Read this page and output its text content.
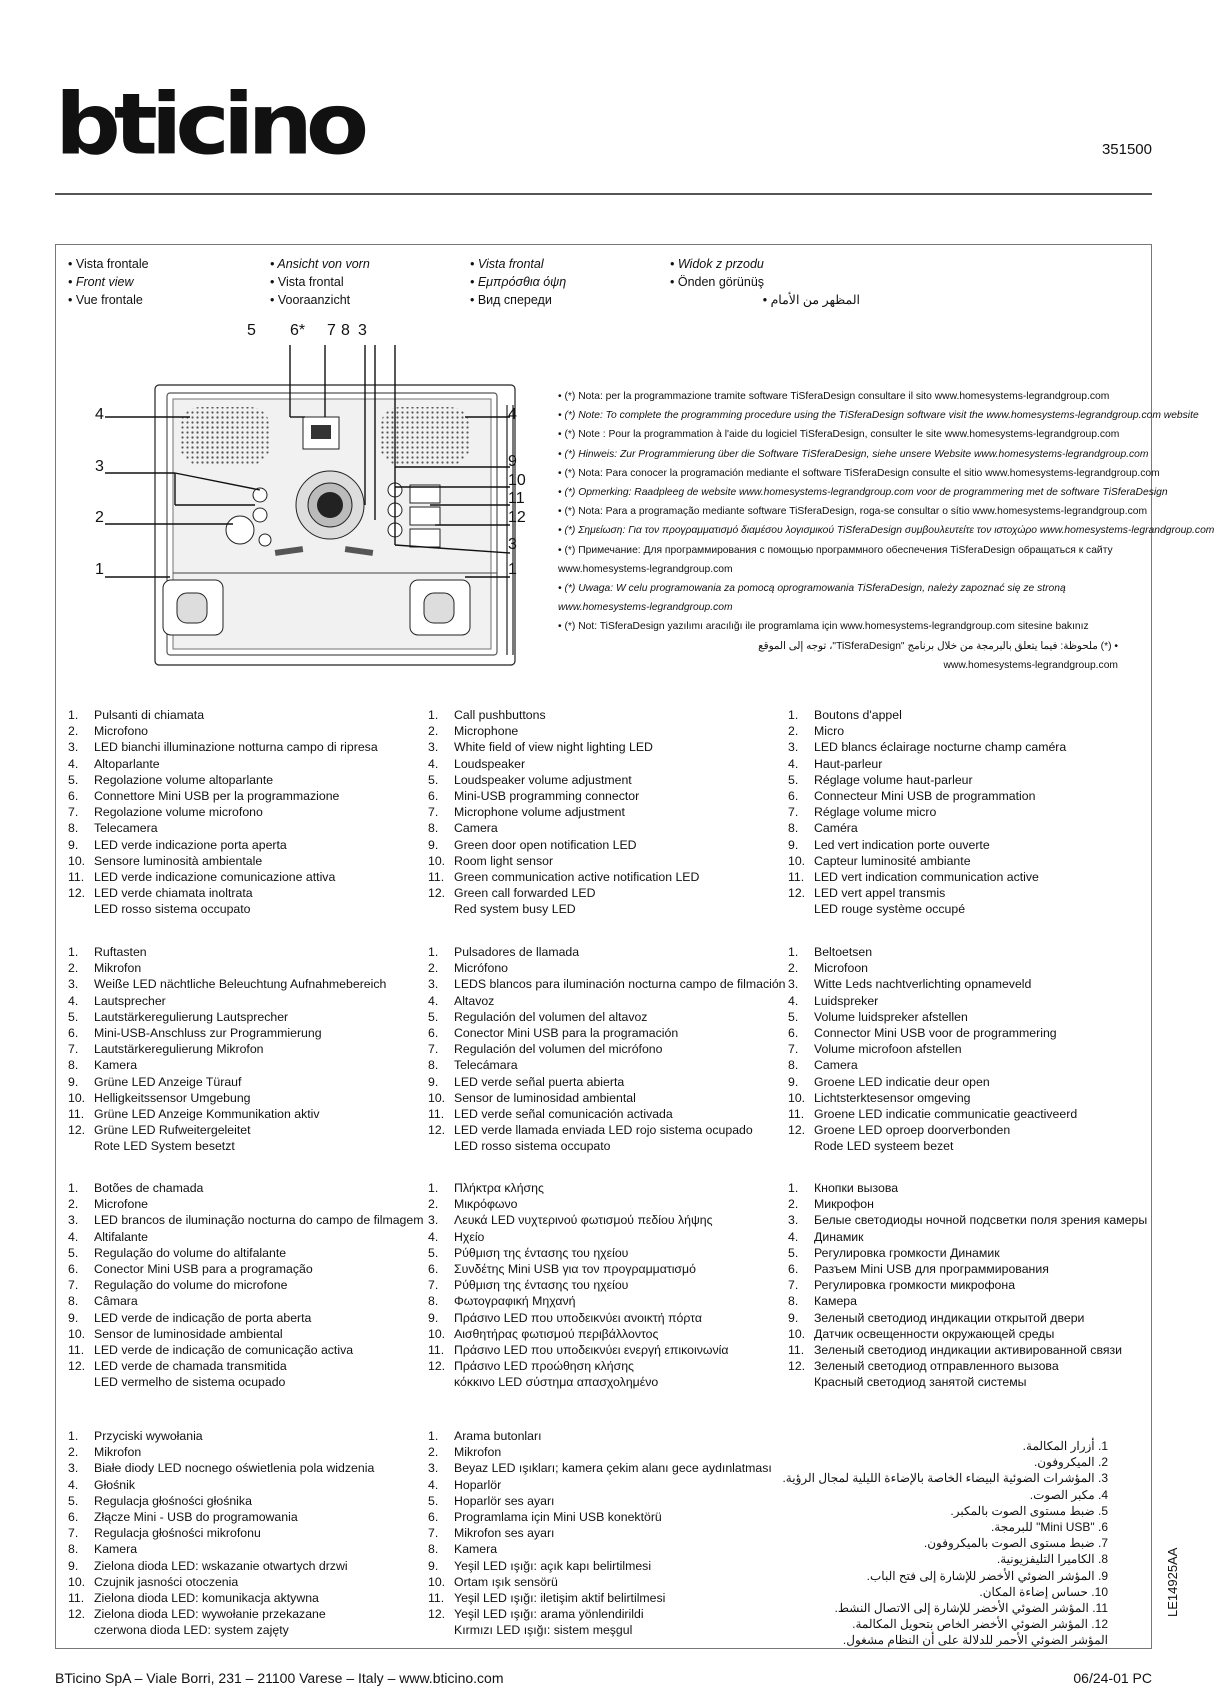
bticino	351500
• Vista frontale
• Front view
• Vue frontale
• Ansicht von vorn
• Vista frontal
• Vooraanzicht
• Vista frontal
• Εμπρόσθια όψη
• Вид спереди
• Widok z przodu
• Önden görünüş
المظهر من الأمام •
5 6* 7 8 3
4
3
2
1
4
9
10
11
12
3
1
• (*) Nota: per la programmazione tramite software TiSferaDesign consultare il sito www.homesystems-legrandgroup.com
• (*) Note: To complete the programming procedure using the TiSferaDesign software visit the www.homesystems-legrandgroup.com website
• (*) Note : Pour la programmation à l'aide du logiciel TiSferaDesign, consulter le site www.homesystems-legrandgroup.com
• (*) Hinweis: Zur Programmierung über die Software TiSferaDesign, siehe unsere Website www.homesystems-legrandgroup.com
• (*) Nota: Para conocer la programación mediante el software TiSferaDesign consulte el sitio www.homesystems-legrandgroup.com
• (*) Opmerking: Raadpleeg de website www.homesystems-legrandgroup.com voor de programmering met de software TiSferaDesign
• (*) Nota: Para a programação mediante software TiSferaDesign, roga-se consultar o sítio www.homesystems-legrandgroup.com
• (*) Σημείωση: Για τον προγραμματισμό διαμέσου λογισμικού TiSferaDesign συμβουλευτείτε τον ιστοχώρο www.homesystems-legrandgroup.com
• (*) Примечание: Для программирования с помощью программного обеспечения TiSferaDesign обращаться к сайту www.homesystems-legrandgroup.com
• (*) Uwaga: W celu programowania za pomocą oprogramowania TiSferaDesign, należy zapoznać się ze stroną www.homesystems-legrandgroup.com
• (*) Not: TiSferaDesign yazılımı aracılığı ile programlama için www.homesystems-legrandgroup.com sitesine bakınız
• (*) ملحوظة: فيما يتعلق بالبرمجة من خلال برنامج "TiSferaDesign"، توجه إلى الموقع
www.homesystems-legrandgroup.com
1.	Pulsanti di chiamata
2.	Microfono
3.	LED bianchi illuminazione notturna campo di ripresa
4.	Altoparlante
5.	Regolazione volume altoparlante
6.	Connettore Mini USB per la programmazione
7.	Regolazione volume microfono
8.	Telecamera
9.	LED verde indicazione porta aperta
10. Sensore luminosità ambientale
11. LED verde indicazione comunicazione attiva
12. LED verde chiamata inoltrata
LED rosso sistema occupato
1.	Call pushbuttons
2.	Microphone
3.	White field of view night lighting LED
4.	Loudspeaker
5.	Loudspeaker volume adjustment
6.	Mini-USB programming connector
7.	Microphone volume adjustment
8.	Camera
9.	Green door open notification LED
10. Room light sensor
11. Green communication active notification LED
12. Green call forwarded LED
Red system busy LED
1.	Boutons d'appel
2.	Micro
3.	LED blancs éclairage nocturne champ caméra
4.	Haut-parleur
5.	Réglage volume haut-parleur
6.	Connecteur Mini USB de programmation
7.	Réglage volume micro
8.	Caméra
9.	Led vert indication porte ouverte
10. Capteur luminosité ambiante
11. LED vert indication communication active
12. LED vert appel transmis
LED rouge système occupé
1.	Ruftasten
2.	Mikrofon
3.	Weiße LED nächtliche Beleuchtung Aufnahmebereich
4.	Lautsprecher
5.	Lautstärkeregulierung Lautsprecher
6.	Mini-USB-Anschluss zur Programmierung
7.	Lautstärkeregulierung Mikrofon
8.	Kamera
9.	Grüne LED Anzeige Türauf
10. Helligkeitssensor Umgebung
11. Grüne LED Anzeige Kommunikation aktiv
12. Grüne LED Rufweitergeleitet
Rote LED System besetzt
1.	Pulsadores de llamada
2.	Micrófono
3.	LEDS blancos para iluminación nocturna campo de filmación
4.	Altavoz
5.	Regulación del volumen del altavoz
6.	Conector Mini USB para la programación
7.	Regulación del volumen del micrófono
8.	Telecámara
9.	LED verde señal puerta abierta
10. Sensor de luminosidad ambiental
11. LED verde señal comunicación activada
12. LED verde llamada enviada LED rojo sistema ocupado
LED rosso sistema occupato
1.	Beltoetsen
2.	Microfoon
3.	Witte Leds nachtverlichting opnameveld
4.	Luidspreker
5.	Volume luidspreker afstellen
6.	Connector Mini USB voor de programmering
7.	Volume microfoon afstellen
8.	Camera
9.	Groene LED indicatie deur open
10. Lichtsterktesensor omgeving
11. Groene LED indicatie communicatie geactiveerd
12. Groene LED oproep doorverbonden
Rode LED systeem bezet
1.	Botões de chamada
2.	Microfone
3.	LED brancos de iluminação nocturna do campo de filmagem
4.	Altifalante
5.	Regulação do volume do altifalante
6.	Conector Mini USB para a programação
7.	Regulação do volume do microfone
8.	Câmara
9.	LED verde de indicação de porta aberta
10. Sensor de luminosidade ambiental
11. LED verde de indicação de comunicação activa
12. LED verde de chamada transmitida
LED vermelho de sistema ocupado
1.	Πλήκτρα κλήσης
2.	Μικρόφωνο
3.	Λευκά LED νυχτερινού φωτισμού πεδίου λήψης
4.	Ηχείο
5.	Ρύθμιση της έντασης του ηχείου
6.	Συνδέτης Mini USB για τον προγραμματισμό
7.	Ρύθμιση της έντασης του ηχείου
8.	Φωτογραφική Μηχανή
9.	Πράσινο LED που υποδεικνύει ανοικτή πόρτα
10. Αισθητήρας φωτισμού περιβάλλοντος
11. Πράσινο LED που υποδεικνύει ενεργή επικοινωνία
12. Πράσινο LED προώθηση κλήσης
κόκκινο LED σύστημα απασχολημένο
1.	Кнопки вызова
2.	Микрофон
3.	Белые светодиоды ночной подсветки поля зрения камеры
4.	Динамик
5.	Регулировка громкости Динамик
6.	Разъем Mini USB для программирования
7.	Регулировка громкости микрофона
8.	Камера
9.	Зеленый светодиод индикации открытой двери
10. Датчик освещенности окружающей среды
11. Зеленый светодиод индикации активированной связи
12. Зеленый светодиод отправленного вызова
Красный светодиод занятой системы
1.	Przyciski wywołania
2.	Mikrofon
3.	Białe diody LED nocnego oświetlenia pola widzenia
4.	Głośnik
5.	Regulacja głośności głośnika
6.	Złącze Mini - USB do programowania
7.	Regulacja głośności mikrofonu
8.	Kamera
9.	Zielona dioda LED: wskazanie otwartych drzwi
10. Czujnik jasności otoczenia
11. Zielona dioda LED: komunikacja aktywna
12. Zielona dioda LED: wywołanie przekazane
czerwona dioda LED: system zajęty
1.	Arama butonları
2.	Mikrofon
3.	Beyaz LED ışıkları; kamera çekim alanı gece aydınlatması
4.	Hoparlör
5.	Hoparlör ses ayarı
6.	Programlama için Mini USB konektörü
7.	Mikrofon ses ayarı
8.	Kamera
9.	Yeşil LED ışığı: açık kapı belirtilmesi
10. Ortam ışık sensörü
11. Yeşil LED ışığı: iletişim aktif belirtilmesi
12. Yeşil LED ışığı: arama yönlendirildi
Kırmızı LED ışığı: sistem meşgul
1. أزرار المكالمة.
2. الميكروفون.
3. المؤشرات الضوئية البيضاء الخاصة بالإضاءة الليلية لمجال الرؤية.
4. مكبر الصوت.
5. ضبط مستوى الصوت بالمكبر.
6. "Mini USB" للبرمجة.
7. ضبط مستوى الصوت بالميكروفون.
8. الكاميرا التليفزيونية.
9. المؤشر الضوئي الأخضر للإشارة إلى فتح الباب.
10. حساس إضاءة المكان.
11. المؤشر الضوئي الأخضر للإشارة إلى الاتصال النشط.
12. المؤشر الضوئي الأخضر الخاص بتحويل المكالمة.
المؤشر الضوئي الأحمر للدلالة على أن النظام مشغول.
LE14925AA
BTicino SpA – Viale Borri, 231 – 21100 Varese – Italy – www.bticino.com	06/24-01 PC
